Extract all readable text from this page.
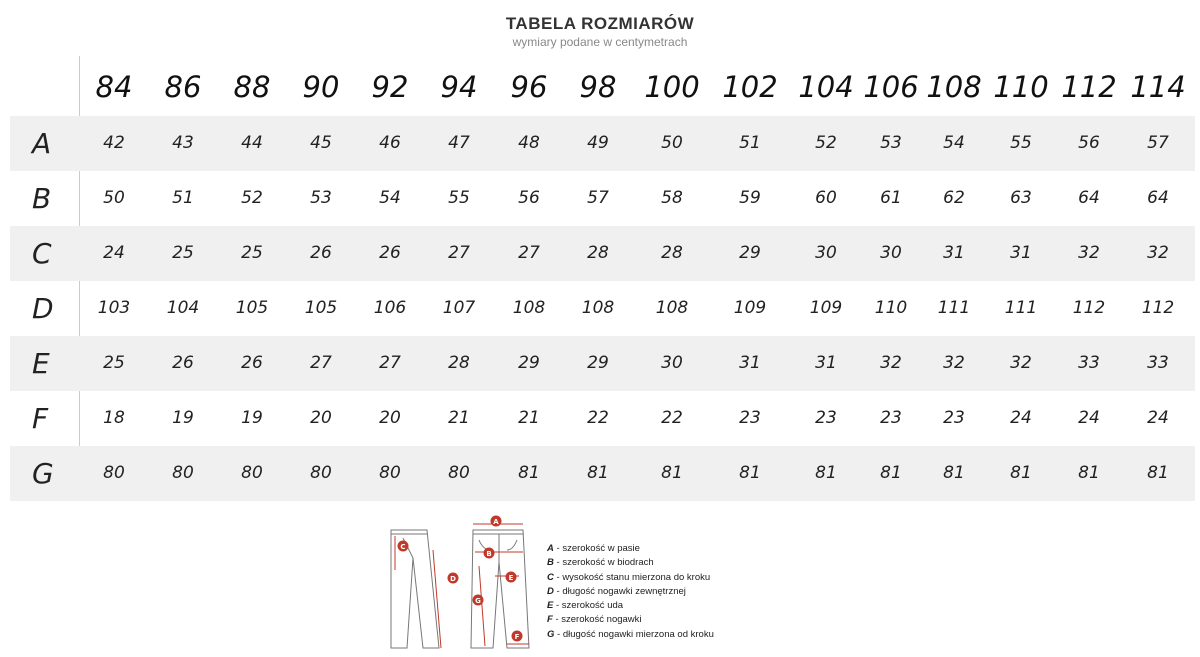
TABELA ROZMIARÓW
wymiary podane w centymetrach
84	86	88	90	92	94	96	98 100 102 104 106 108 110 112 114
A	42	43	44	45	46	47	48	49	50	51	52	53	54	55	56	57
B	50	51	52	53	54	55	56	57	58	59	60	61	62	63	64	64
C	24	25	25	26	26	27	27	28	28	29	30	30	31	31	32	32
D	103	104	105	105	106	107	108	108	108	109	109	110	111	111	112	112
E	25	26	26	27	27	28	29	29	30	31	31	32	32	32	33	33
F	18	19	19	20	20	21	21	22	22	23	23	23	23	24	24	24
G	80	80	80	80	80	80	81	81	81	81	81	81	81	81	81	81
C
D
A
B
E
G
F
A - szerokość w pasie
B - szerokość w biodrach
C - wysokość stanu mierzona do kroku
D - długość nogawki zewnętrznej
E - szerokość uda
F - szerokość nogawki
G - długość nogawki mierzona od kroku
